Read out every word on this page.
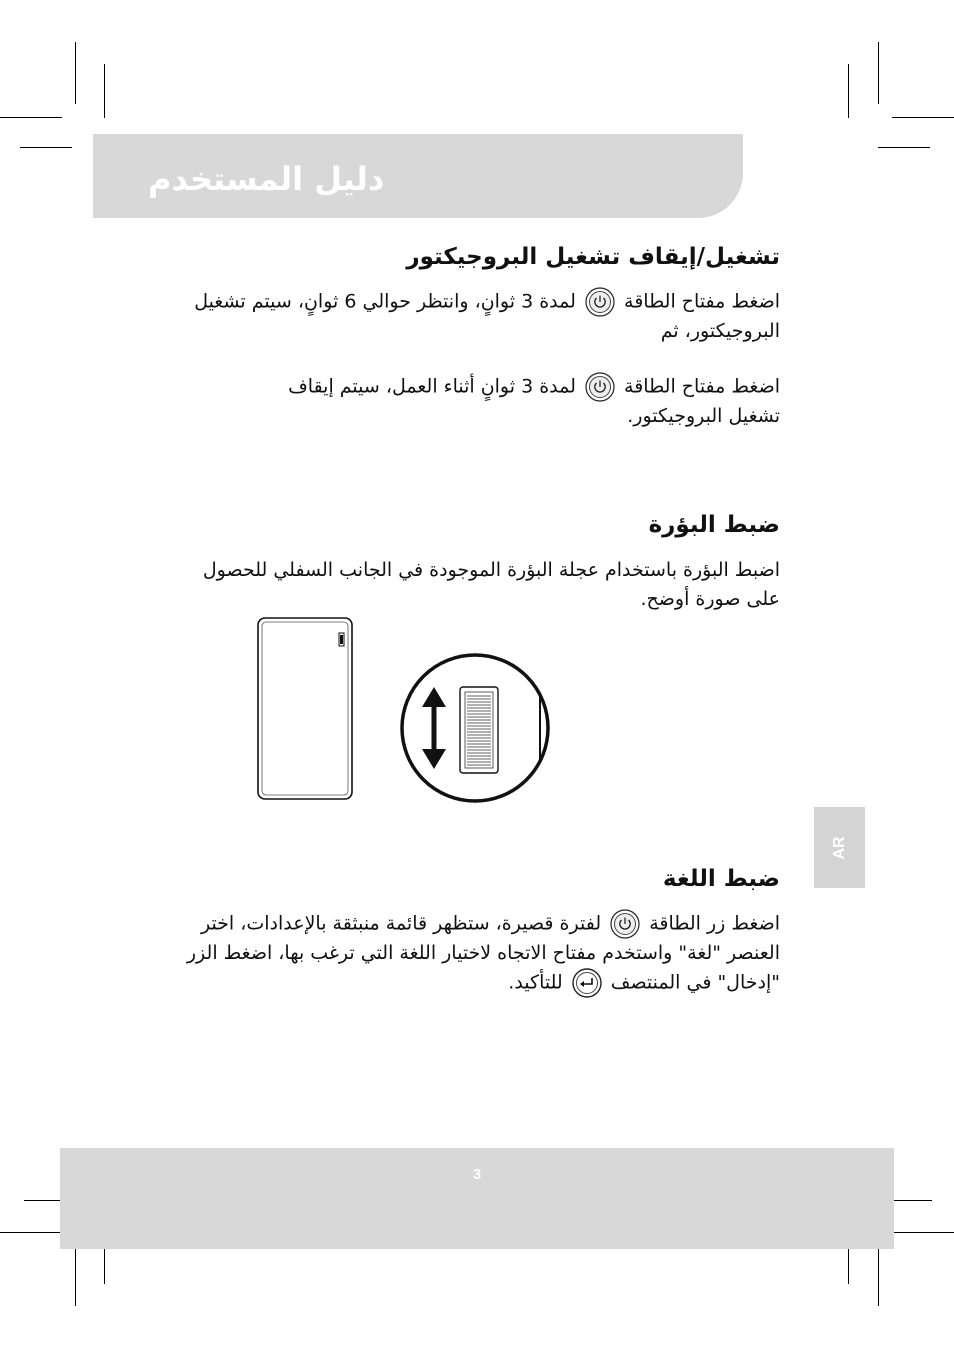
دليل المستخدم
تشغيل/إيقاف تشغيل البروجيكتور
اضغط مفتاح الطاقة  لمدة 3 ثوانٍ، وانتظر حوالي 6 ثوانٍ، سيتم تشغيل البروجيكتور، ثم
اضغط مفتاح الطاقة  لمدة 3 ثوانٍ أثناء العمل، سيتم إيقاف تشغيل البروجيكتور.
ضبط البؤرة
اضبط البؤرة باستخدام عجلة البؤرة الموجودة في الجانب السفلي للحصول على صورة أوضح.
AR
ضبط اللغة
اضغط زر الطاقة  لفترة قصيرة، ستظهر قائمة منبثقة بالإعدادات، اختر العنصر "لغة" واستخدم مفتاح الاتجاه لاختيار اللغة التي ترغب بها، اضغط الزر "إدخال" في المنتصف  للتأكيد.
3
